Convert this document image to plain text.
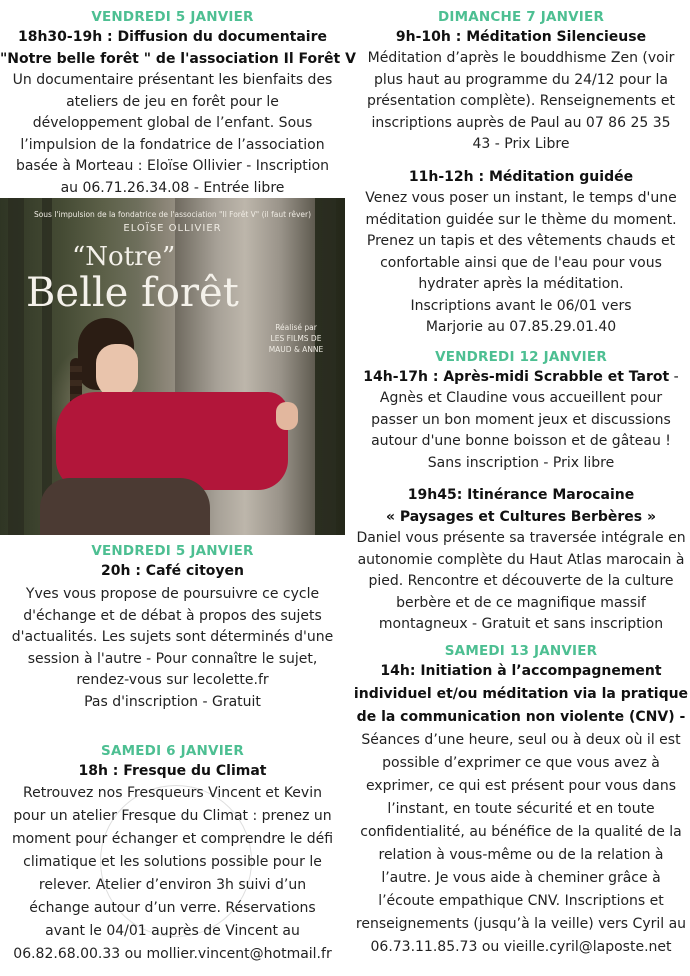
VENDREDI 5 JANVIER
18h30-19h : Diffusion du documentaire
"Notre belle forêt " de l'association Il Forêt V
Un documentaire présentant les bienfaits des
ateliers de jeu en forêt pour le
développement global de l’enfant. Sous
l’impulsion de la fondatrice de l’association
basée à Morteau : Eloïse Ollivier - Inscription
au 06.71.26.34.08 - Entrée libre
Sous l'impulsion de la fondatrice de l'association "Il Forêt V" (il faut rêver)
ELOÏSE OLLIVIER
“Notre”
Belle forêt
Réalisé par
LES FILMS DE
MAUD & ANNE
VENDREDI 5 JANVIER
20h : Café citoyen
Yves vous propose de poursuivre ce cycle
d'échange et de débat à propos des sujets
d'actualités. Les sujets sont déterminés d'une
session à l'autre - Pour connaître le sujet,
rendez-vous sur lecolette.fr
Pas d'inscription - Gratuit
SAMEDI 6 JANVIER
18h : Fresque du Climat
Retrouvez nos Fresqueurs Vincent et Kevin
pour un atelier Fresque du Climat : prenez un
moment pour échanger et comprendre le défi
climatique et les solutions possible pour le
relever. Atelier d’environ 3h suivi d’un
échange autour d’un verre. Réservations
avant le 04/01 auprès de Vincent au
06.82.68.00.33 ou mollier.vincent@hotmail.fr
DIMANCHE 7 JANVIER
9h-10h : Méditation Silencieuse
Méditation d’après le bouddhisme Zen (voir
plus haut au programme du 24/12 pour la
présentation complète). Renseignements et
inscriptions auprès de Paul au 07 86 25 35
43 - Prix Libre
11h-12h : Méditation guidée
Venez vous poser un instant, le temps d'une
méditation guidée sur le thème du moment.
Prenez un tapis et des vêtements chauds et
confortable ainsi que de l'eau pour vous
hydrater après la méditation.
Inscriptions avant le 06/01 vers
Marjorie au 07.85.29.01.40
VENDREDI 12 JANVIER
14h-17h : Après-midi Scrabble et Tarot -
Agnès et Claudine vous accueillent pour
passer un bon moment jeux et discussions
autour d'une bonne boisson et de gâteau !
Sans inscription - Prix libre
19h45: Itinérance Marocaine
« Paysages et Cultures Berbères »
Daniel vous présente sa traversée intégrale en
autonomie complète du Haut Atlas marocain à
pied. Rencontre et découverte de la culture
berbère et de ce magnifique massif
montagneux - Gratuit et sans inscription
SAMEDI 13 JANVIER
14h: Initiation à l’accompagnement
individuel et/ou méditation via la pratique
de la communication non violente (CNV) -
Séances d’une heure, seul ou à deux où il est
possible d’exprimer ce que vous avez à
exprimer, ce qui est présent pour vous dans
l’instant, en toute sécurité et en toute
confidentialité, au bénéfice de la qualité de la
relation à vous-même ou de la relation à
l’autre. Je vous aide à cheminer grâce à
l’écoute empathique CNV. Inscriptions et
renseignements (jusqu’à la veille) vers Cyril au
06.73.11.85.73 ou vieille.cyril@laposte.net
